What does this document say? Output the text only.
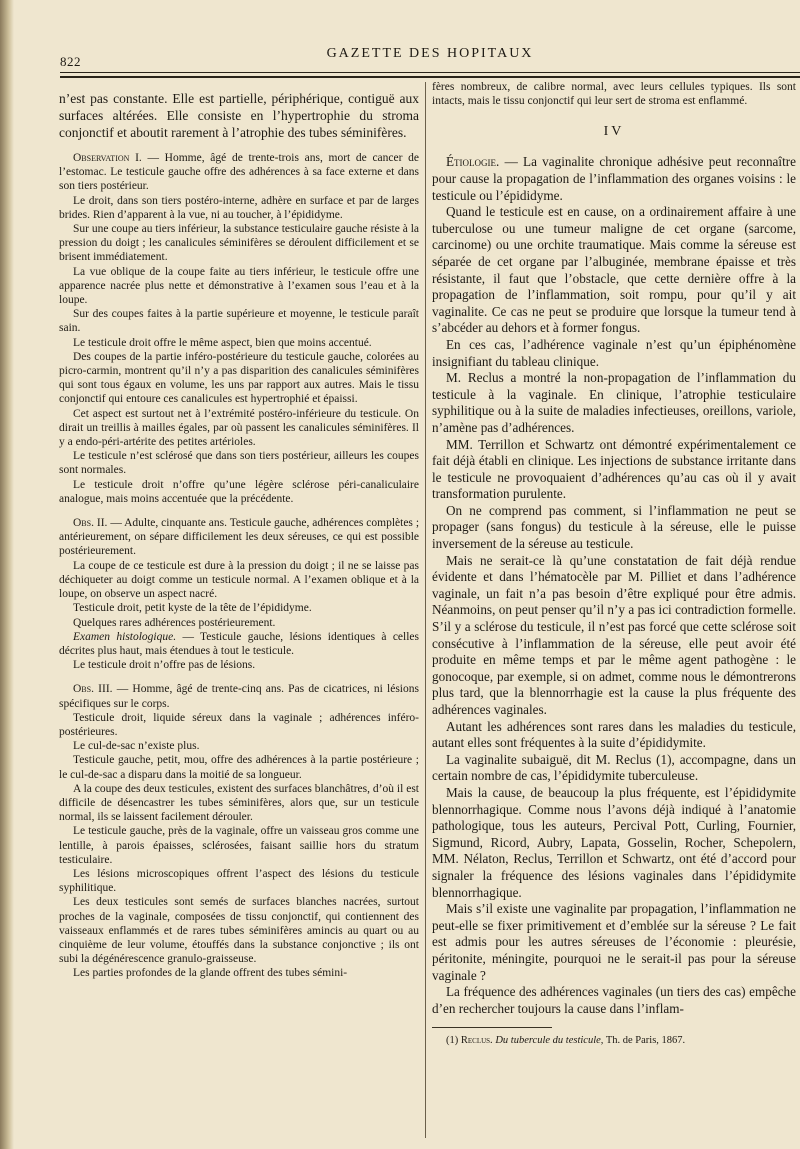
822
GAZETTE DES HOPITAUX

n’est pas constante. Elle est partielle, périphérique, contiguë aux surfaces altérées. Elle consiste en l’hypertrophie du stroma conjonctif et aboutit rarement à l’atrophie des tubes séminifères.

Observation I. — Homme, âgé de trente-trois ans, mort de cancer de l’estomac. Le testicule gauche offre des adhérences à sa face externe et dans son tiers postérieur.

Le droit, dans son tiers postéro-interne, adhère en surface et par de larges brides. Rien d’apparent à la vue, ni au toucher, à l’épididyme.

Sur une coupe au tiers inférieur, la substance testiculaire gauche résiste à la pression du doigt ; les canalicules séminifères se déroulent difficilement et se brisent immédiatement.

La vue oblique de la coupe faite au tiers inférieur, le testicule offre une apparence nacrée plus nette et démonstrative à l’examen sous l’eau et à la loupe.

Sur des coupes faites à la partie supérieure et moyenne, le testicule paraît sain.

Le testicule droit offre le même aspect, bien que moins accentué.

Des coupes de la partie inféro-postérieure du testicule gauche, colorées au picro-carmin, montrent qu’il n’y a pas disparition des canalicules séminifères qui sont tous égaux en volume, les uns par rapport aux autres. Mais le tissu conjonctif qui entoure ces canalicules est hypertrophié et épaissi.

Cet aspect est surtout net à l’extrémité postéro-inférieure du testicule. On dirait un treillis à mailles égales, par où passent les canalicules séminifères. Il y a endo-péri-artérite des petites artérioles.

Le testicule n’est sclérosé que dans son tiers postérieur, ailleurs les coupes sont normales.

Le testicule droit n’offre qu’une légère sclérose péri-canaliculaire analogue, mais moins accentuée que la précédente.

Obs. II. — Adulte, cinquante ans. Testicule gauche, adhérences complètes ; antérieurement, on sépare difficilement les deux séreuses, ce qui est possible postérieurement.

La coupe de ce testicule est dure à la pression du doigt ; il ne se laisse pas déchiqueter au doigt comme un testicule normal. A l’examen oblique et à la loupe, on observe un aspect nacré.

Testicule droit, petit kyste de la tête de l’épididyme.

Quelques rares adhérences postérieurement.

Examen histologique. — Testicule gauche, lésions identiques à celles décrites plus haut, mais étendues à tout le testicule.

Le testicule droit n’offre pas de lésions.

Obs. III. — Homme, âgé de trente-cinq ans. Pas de cicatrices, ni lésions spécifiques sur le corps.

Testicule droit, liquide séreux dans la vaginale ; adhérences inféro-postérieures.

Le cul-de-sac n’existe plus.

Testicule gauche, petit, mou, offre des adhérences à la partie postérieure ; le cul-de-sac a disparu dans la moitié de sa longueur.

A la coupe des deux testicules, existent des surfaces blanchâtres, d’où il est difficile de désencastrer les tubes séminifères, alors que, sur un testicule normal, ils se laissent facilement dérouler.

Le testicule gauche, près de la vaginale, offre un vaisseau gros comme une lentille, à parois épaisses, sclérosées, faisant saillie hors du stratum testiculaire.

Les lésions microscopiques offrent l’aspect des lésions du testicule syphilitique.

Les deux testicules sont semés de surfaces blanches nacrées, surtout proches de la vaginale, composées de tissu conjonctif, qui contiennent des vaisseaux enflammés et de rares tubes séminifères amincis au quart ou au cinquième de leur volume, étouffés dans la substance conjonctive ; ils ont subi la dégénérescence granulo-graisseuse.

Les parties profondes de la glande offrent des tubes sémini-

fères nombreux, de calibre normal, avec leurs cellules typiques. Ils sont intacts, mais le tissu conjonctif qui leur sert de stroma est enflammé.

IV

Étiologie. — La vaginalite chronique adhésive peut reconnaître pour cause la propagation de l’inflammation des organes voisins : le testicule ou l’épididyme.

Quand le testicule est en cause, on a ordinairement affaire à une tuberculose ou une tumeur maligne de cet organe (sarcome, carcinome) ou une orchite traumatique. Mais comme la séreuse est séparée de cet organe par l’albuginée, membrane épaisse et très résistante, il faut que l’obstacle, que cette dernière offre à la propagation de l’inflammation, soit rompu, pour qu’il y ait vaginalite. Ce cas ne peut se produire que lorsque la tumeur tend à s’abcéder au dehors et à former fongus.

En ces cas, l’adhérence vaginale n’est qu’un épiphénomène insignifiant du tableau clinique.

M. Reclus a montré la non-propagation de l’inflammation du testicule à la vaginale. En clinique, l’atrophie testiculaire syphilitique ou à la suite de maladies infectieuses, oreillons, variole, n’amène pas d’adhérences.

MM. Terrillon et Schwartz ont démontré expérimentalement ce fait déjà établi en clinique. Les injections de substance irritante dans le testicule ne provoquaient d’adhérences qu’au cas où il y avait transformation purulente.

On ne comprend pas comment, si l’inflammation ne peut se propager (sans fongus) du testicule à la séreuse, elle le puisse inversement de la séreuse au testicule.

Mais ne serait-ce là qu’une constatation de fait déjà rendue évidente et dans l’hématocèle par M. Pilliet et dans l’adhérence vaginale, un fait n’a pas besoin d’être expliqué pour être admis. Néanmoins, on peut penser qu’il n’y a pas ici contradiction formelle. S’il y a sclérose du testicule, il n’est pas forcé que cette sclérose soit consécutive à l’inflammation de la séreuse, elle peut avoir été produite en même temps et par le même agent pathogène : le gonocoque, par exemple, si on admet, comme nous le démontrerons plus tard, que la blennorrhagie est la cause la plus fréquente des adhérences vaginales.

Autant les adhérences sont rares dans les maladies du testicule, autant elles sont fréquentes à la suite d’épididymite.

La vaginalite subaiguë, dit M. Reclus (1), accompagne, dans un certain nombre de cas, l’épididymite tuberculeuse.

Mais la cause, de beaucoup la plus fréquente, est l’épididymite blennorrhagique. Comme nous l’avons déjà indiqué à l’anatomie pathologique, tous les auteurs, Percival Pott, Curling, Fournier, Sigmund, Ricord, Aubry, Lapata, Gosselin, Rocher, Schepolern, MM. Nélaton, Reclus, Terrillon et Schwartz, ont été d’accord pour signaler la fréquence des lésions vaginales dans l’épididymite blennorrhagique.

Mais s’il existe une vaginalite par propagation, l’inflammation ne peut-elle se fixer primitivement et d’emblée sur la séreuse ? Le fait est admis pour les autres séreuses de l’économie : pleurésie, péritonite, méningite, pourquoi ne le serait-il pas pour la séreuse vaginale ?

La fréquence des adhérences vaginales (un tiers des cas) empêche d’en rechercher toujours la cause dans l’inflam-

(1) Reclus. Du tubercule du testicule, Th. de Paris, 1867.
